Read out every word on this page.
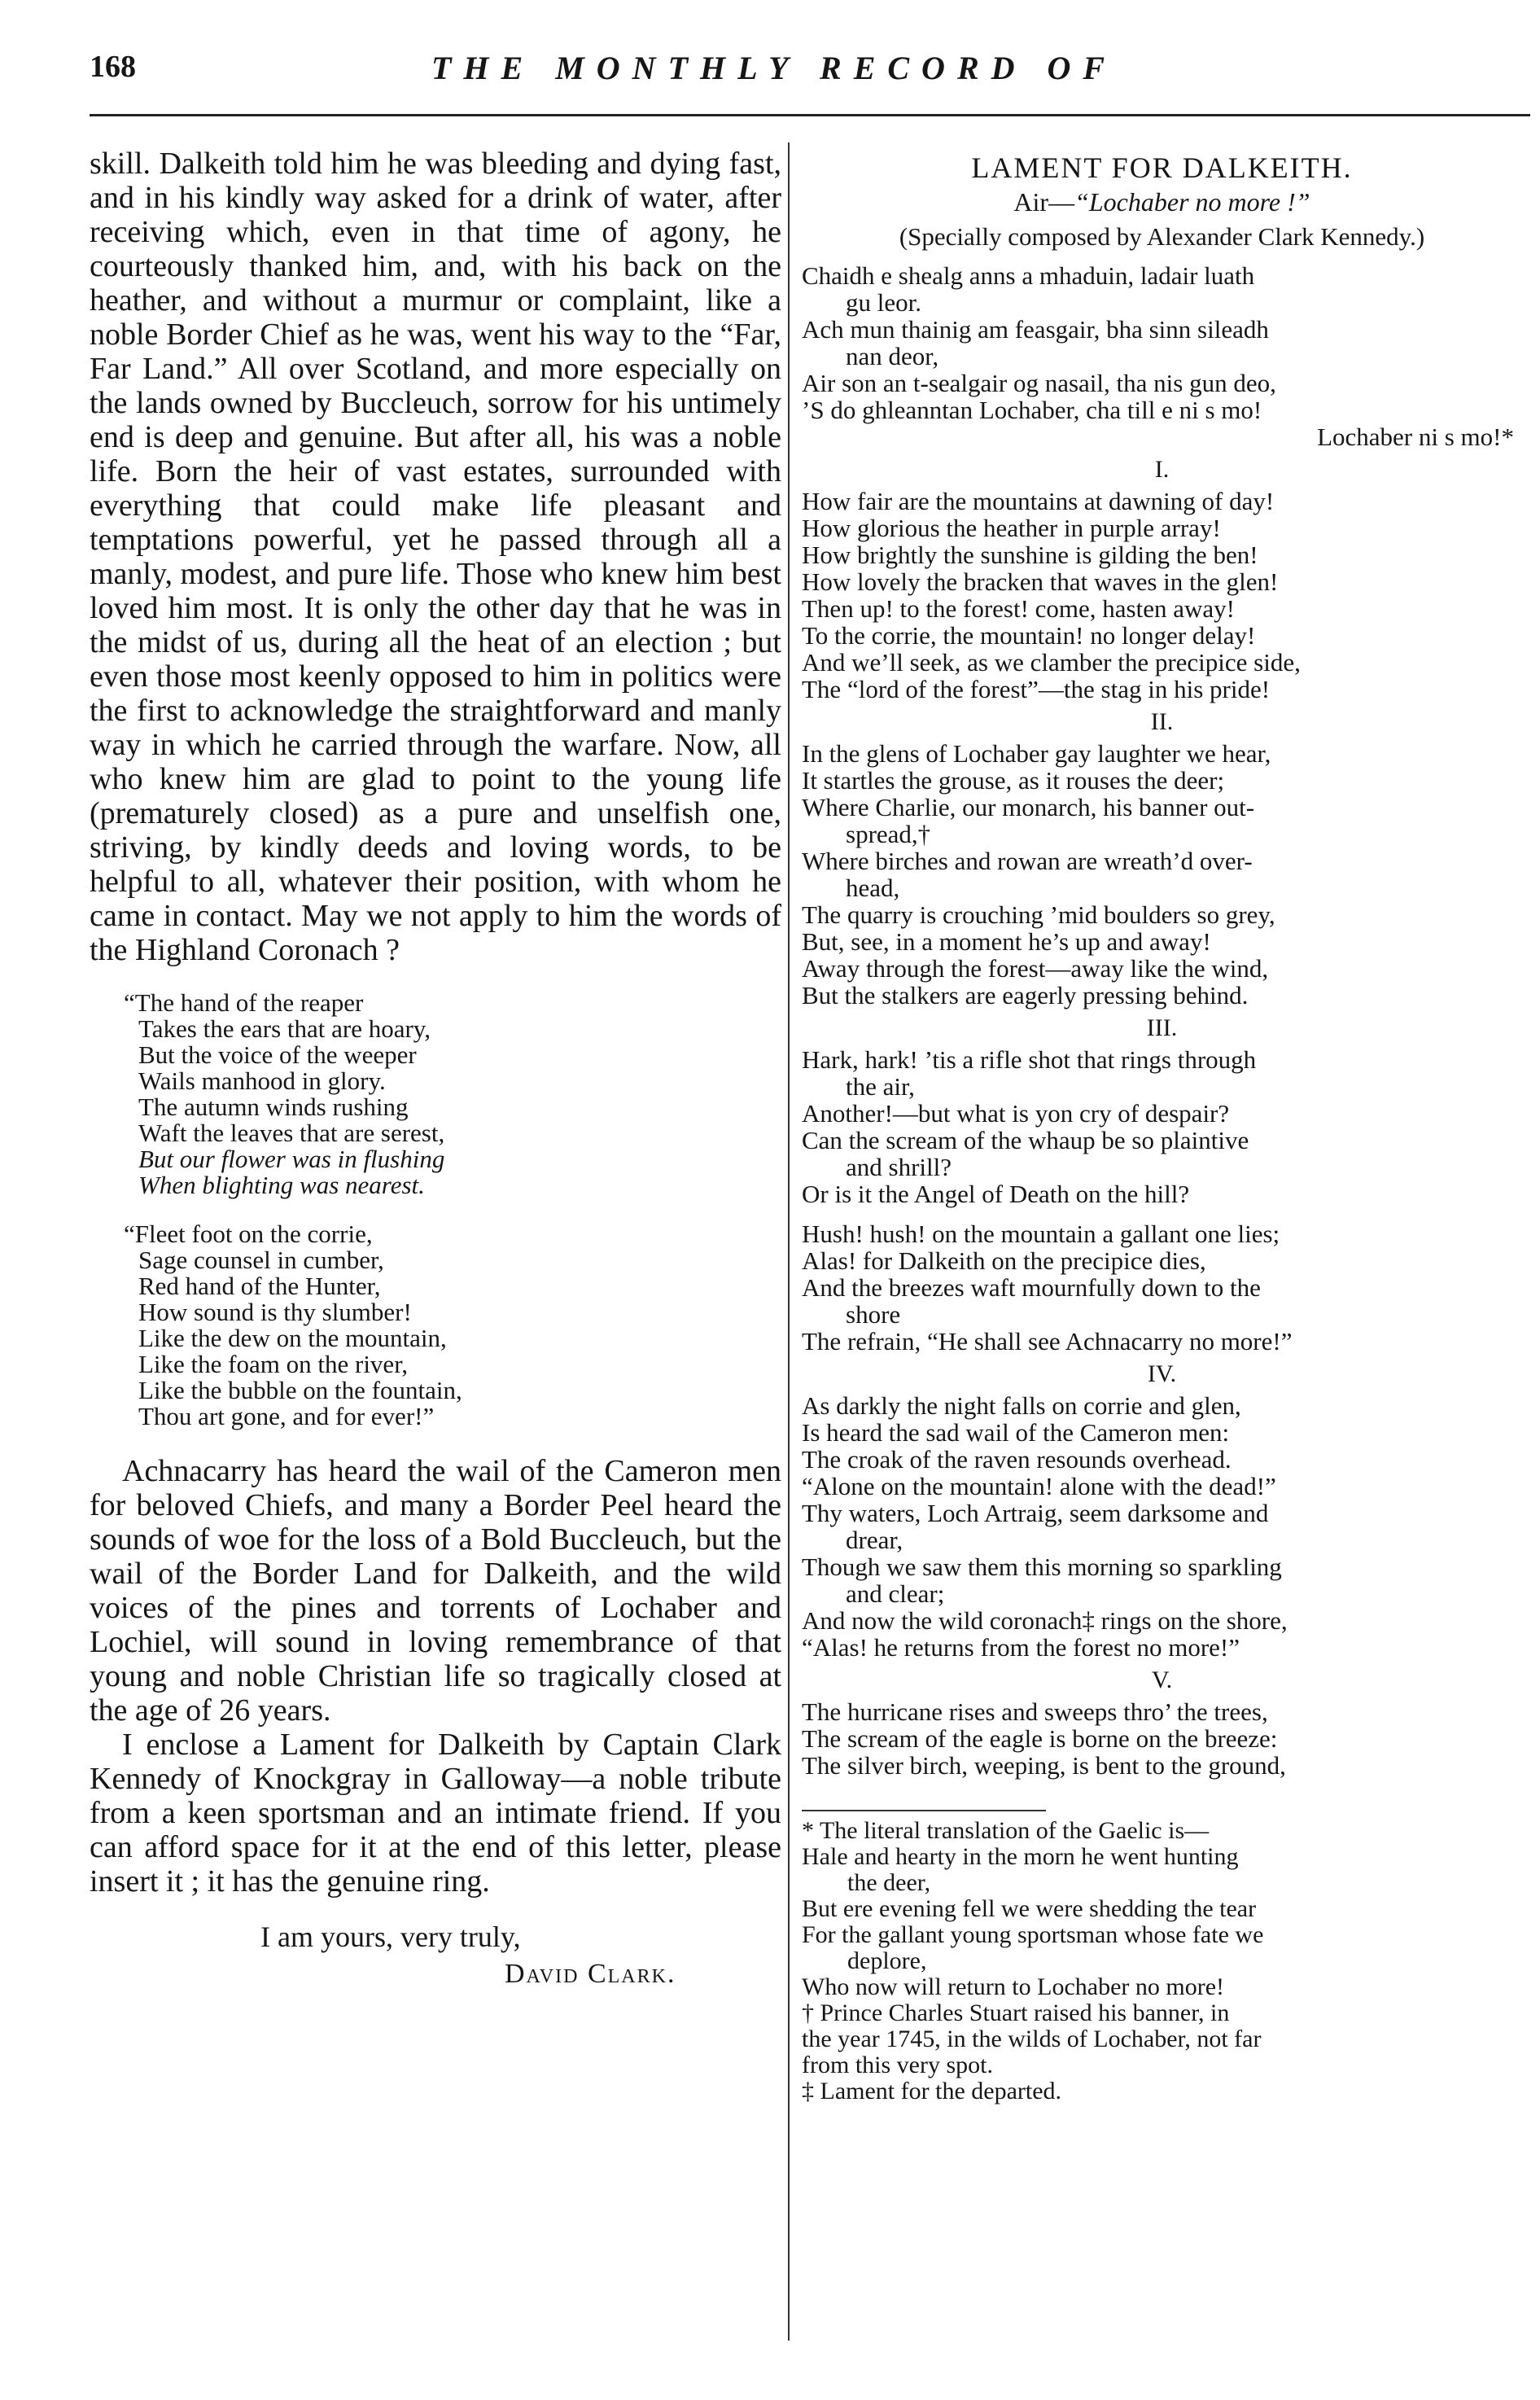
168	THE MONTHLY RECORD OF

skill. Dalkeith told him he was bleeding and dying fast, and in his kindly way asked for a drink of water, after receiving which, even in that time of agony, he courteously thanked him, and, with his back on the heather, and without a murmur or complaint, like a noble Border Chief as he was, went his way to the “Far, Far Land.” All over Scotland, and more especially on the lands owned by Buccleuch, sorrow for his untimely end is deep and genuine. But after all, his was a noble life. Born the heir of vast estates, surrounded with everything that could make life pleasant and temptations powerful, yet he passed through all a manly, modest, and pure life. Those who knew him best loved him most. It is only the other day that he was in the midst of us, during all the heat of an election ; but even those most keenly opposed to him in politics were the first to acknowledge the straightforward and manly way in which he carried through the warfare. Now, all who knew him are glad to point to the young life (prematurely closed) as a pure and unselfish one, striving, by kindly deeds and loving words, to be helpful to all, whatever their position, with whom he came in contact. May we not apply to him the words of the Highland Coronach ?

“The hand of the reaper
Takes the ears that are hoary,
But the voice of the weeper
Wails manhood in glory.
The autumn winds rushing
Waft the leaves that are serest,
But our flower was in flushing
When blighting was nearest.
“Fleet foot on the corrie,
Sage counsel in cumber,
Red hand of the Hunter,
How sound is thy slumber!
Like the dew on the mountain,
Like the foam on the river,
Like the bubble on the fountain,
Thou art gone, and for ever!”

Achnacarry has heard the wail of the Cameron men for beloved Chiefs, and many a Border Peel heard the sounds of woe for the loss of a Bold Buccleuch, but the wail of the Border Land for Dalkeith, and the wild voices of the pines and torrents of Lochaber and Lochiel, will sound in loving remembrance of that young and noble Christian life so tragically closed at the age of 26 years.

I enclose a Lament for Dalkeith by Captain Clark Kennedy of Knockgray in Galloway—a noble tribute from a keen sportsman and an intimate friend. If you can afford space for it at the end of this letter, please insert it ; it has the genuine ring.

I am yours, very truly,
David Clark.
LAMENT FOR DALKEITH.
Air—“Lochaber no more !”
(Specially composed by Alexander Clark Kennedy.)
Chaidh e shealg anns a mhaduin, ladair luath
gu leor.
Ach mun thainig am feasgair, bha sinn sileadh
nan deor,
Air son an t-sealgair og nasail, tha nis gun deo,
’S do ghleanntan Lochaber, cha till e ni s mo!
Lochaber ni s mo!*
I.
How fair are the mountains at dawning of day!
How glorious the heather in purple array!
How brightly the sunshine is gilding the ben!
How lovely the bracken that waves in the glen!
Then up! to the forest! come, hasten away!
To the corrie, the mountain! no longer delay!
And we’ll seek, as we clamber the precipice side,
The “lord of the forest”—the stag in his pride!
II.
In the glens of Lochaber gay laughter we hear,
It startles the grouse, as it rouses the deer;
Where Charlie, our monarch, his banner out-
spread,†
Where birches and rowan are wreath’d over-
head,
The quarry is crouching ’mid boulders so grey,
But, see, in a moment he’s up and away!
Away through the forest—away like the wind,
But the stalkers are eagerly pressing behind.
III.
Hark, hark! ’tis a rifle shot that rings through
the air,
Another!—but what is yon cry of despair?
Can the scream of the whaup be so plaintive
and shrill?
Or is it the Angel of Death on the hill?
Hush! hush! on the mountain a gallant one lies;
Alas! for Dalkeith on the precipice dies,
And the breezes waft mournfully down to the
shore
The refrain, “He shall see Achnacarry no more!”
IV.
As darkly the night falls on corrie and glen,
Is heard the sad wail of the Cameron men:
The croak of the raven resounds overhead.
“Alone on the mountain! alone with the dead!”
Thy waters, Loch Artraig, seem darksome and
drear,
Though we saw them this morning so sparkling
and clear;
And now the wild coronach‡ rings on the shore,
“Alas! he returns from the forest no more!”
V.
The hurricane rises and sweeps thro’ the trees,
The scream of the eagle is borne on the breeze:
The silver birch, weeping, is bent to the ground,
* The literal translation of the Gaelic is—
Hale and hearty in the morn he went hunting
the deer,
But ere evening fell we were shedding the tear
For the gallant young sportsman whose fate we
deplore,
Who now will return to Lochaber no more!
† Prince Charles Stuart raised his banner, in
the year 1745, in the wilds of Lochaber, not far
from this very spot.
‡ Lament for the departed.
